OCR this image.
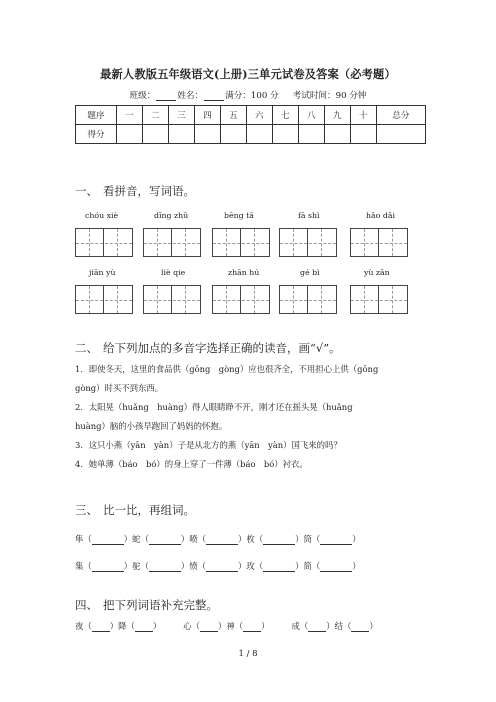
最新人教版五年级语文(上册)三单元试卷及答案（必考题）
班级：	姓名：	满分：100 分 考试时间：90 分钟
题序	一	二	三	四	五	六	七	八	九	十	总分
得分											
一、 看拼音，写词语。
chóu xiè	dǐng zhǔ	bēng tā	fā shì	hǎo dǎi
jiān yù	liè qie	zhān hú	gé bì	yù zān
二、 给下列加点的多音字选择正确的读音，画“√”。
1．即使冬天，这里的食品供（gōng　gòng）应也很齐全，不用担心上供（gōng
gòng）时买不到东西。
2．太阳晃（huǎng　huàng）得人眼睛睁不开，刚才还在摇头晃（huǎng
huàng）脑的小孩早跑回了妈妈的怀抱。
3．这只小燕（yān　yàn）子是从北方的燕（yān　yàn）国飞来的吗？
4．她单薄（báo　bó）的身上穿了一件薄（báo　bó）衬衣。
三、 比一比，再组词。
隼（	）蛇（	）喷（	）枚（	）筒（	）
集（	）驼（	）愤（	）玫（	）简（	）
四、 把下列词语补充完整。
夜（ ）降（ ）	心（ ）神（ ）	成（ ）结（ ）
1 / 8
